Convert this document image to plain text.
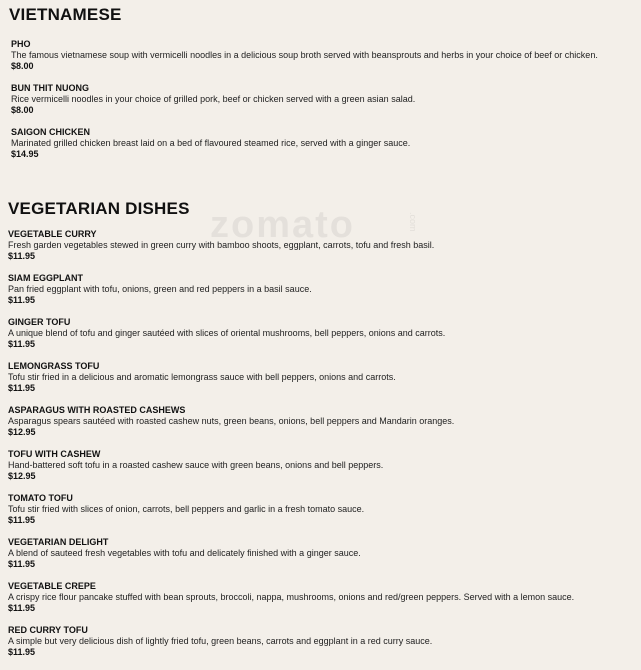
zomato	.com
VIETNAMESE
PHO
The famous vietnamese soup with vermicelli noodles in a delicious soup broth served with beansprouts and herbs in your choice of beef or chicken.
$8.00
BUN THIT NUONG
Rice vermicelli noodles in your choice of grilled pork, beef or chicken served with a green asian salad.
$8.00
SAIGON CHICKEN
Marinated grilled chicken breast laid on a bed of flavoured steamed rice, served with a ginger sauce.
$14.95
VEGETARIAN DISHES
VEGETABLE CURRY
Fresh garden vegetables stewed in green curry with bamboo shoots, eggplant, carrots, tofu and fresh basil.
$11.95
SIAM EGGPLANT
Pan fried eggplant with tofu, onions, green and red peppers in a basil sauce.
$11.95
GINGER TOFU
A unique blend of tofu and ginger sautéed with slices of oriental mushrooms, bell peppers, onions and carrots.
$11.95
LEMONGRASS TOFU
Tofu stir fried in a delicious and aromatic lemongrass sauce with bell peppers, onions and carrots.
$11.95
ASPARAGUS WITH ROASTED CASHEWS
Asparagus spears sautéed with roasted cashew nuts, green beans, onions, bell peppers and Mandarin oranges.
$12.95
TOFU WITH CASHEW
Hand-battered soft tofu in a roasted cashew sauce with green beans, onions and bell peppers.
$12.95
TOMATO TOFU
Tofu stir fried with slices of onion, carrots, bell peppers and garlic in a fresh tomato sauce.
$11.95
VEGETARIAN DELIGHT
A blend of sauteed fresh vegetables with tofu and delicately finished with a ginger sauce.
$11.95
VEGETABLE CREPE
A crispy rice flour pancake stuffed with bean sprouts, broccoli, nappa, mushrooms, onions and red/green peppers. Served with a lemon sauce.
$11.95
RED CURRY TOFU
A simple but very delicious dish of lightly fried tofu, green beans, carrots and eggplant in a red curry sauce.
$11.95
